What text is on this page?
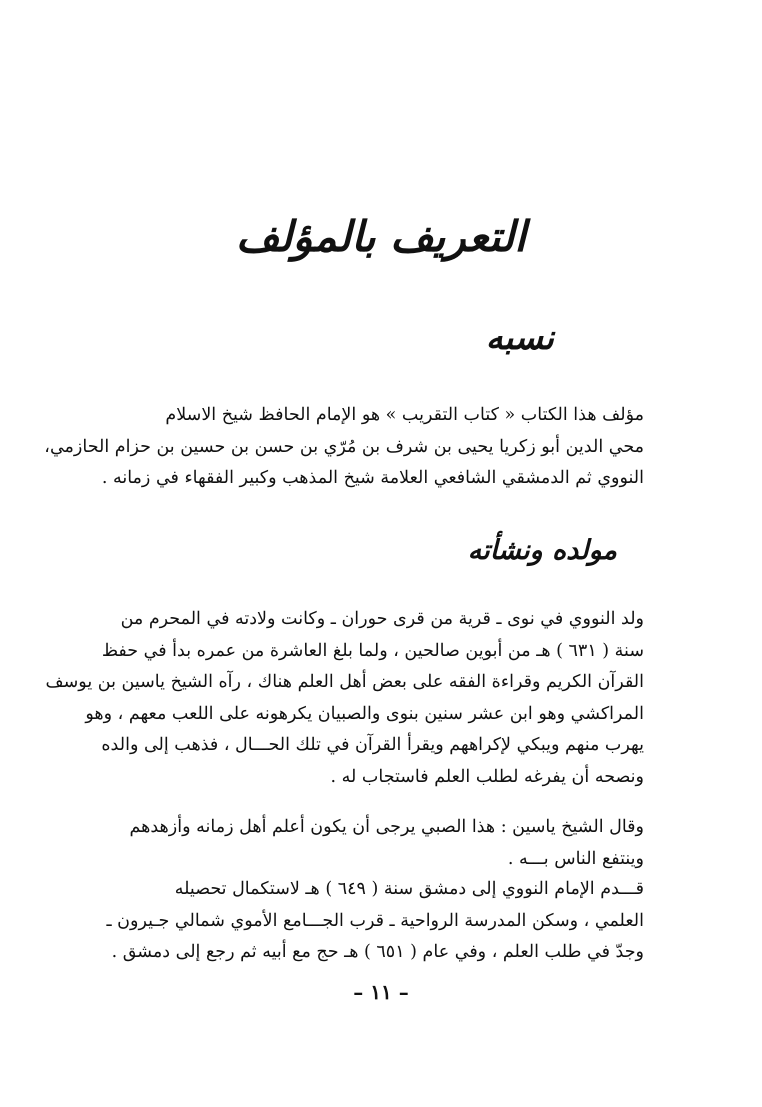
التعريف بالمؤلف
نسبه

مؤلف هذا الكتاب « كتاب التقريب » هو الإمام الحافظ شيخ الاسلام

محي الدين أبو زكريا يحيى بن شرف بن مُرّي بن حسن بن حسين بن حزام الحازمي،

النووي ثم الدمشقي الشافعي العلامة شيخ المذهب وكبير الفقهاء في زمانه .

مولده ونشأته

ولد النووي في نوى ـ قرية من قرى حوران ـ وكانت ولادته في المحرم من

سنة ( ٦٣١ ) هـ من أبوين صالحين ، ولما بلغ العاشرة من عمره بدأ في حفظ

القرآن الكريم وقراءة الفقه على بعض أهل العلم هناك ، رآه الشيخ ياسين بن يوسف

المراكشي وهو ابن عشر سنين بنوى والصبيان يكرهونه على اللعب معهم ، وهو

يهرب منهم ويبكي لإكراههم ويقرأ القرآن في تلك الحـــال ، فذهب إلى والده

ونصحه أن يفرغه لطلب العلم فاستجاب له .

وقال الشيخ ياسين : هذا الصبي يرجى أن يكون أعلم أهل زمانه وأزهدهم

وينتفع الناس بـــه .

قـــدم الإمام النووي إلى دمشق سنة ( ٦٤٩ ) هـ لاستكمال تحصيله

العلمي ، وسكن المدرسة الرواحية ـ قرب الجـــامع الأموي شمالي جـيرون ـ

وجدّ في طلب العلم ، وفي عام ( ٦٥١ ) هـ حج مع أبيه ثم رجع إلى دمشق .

– ١١ –
